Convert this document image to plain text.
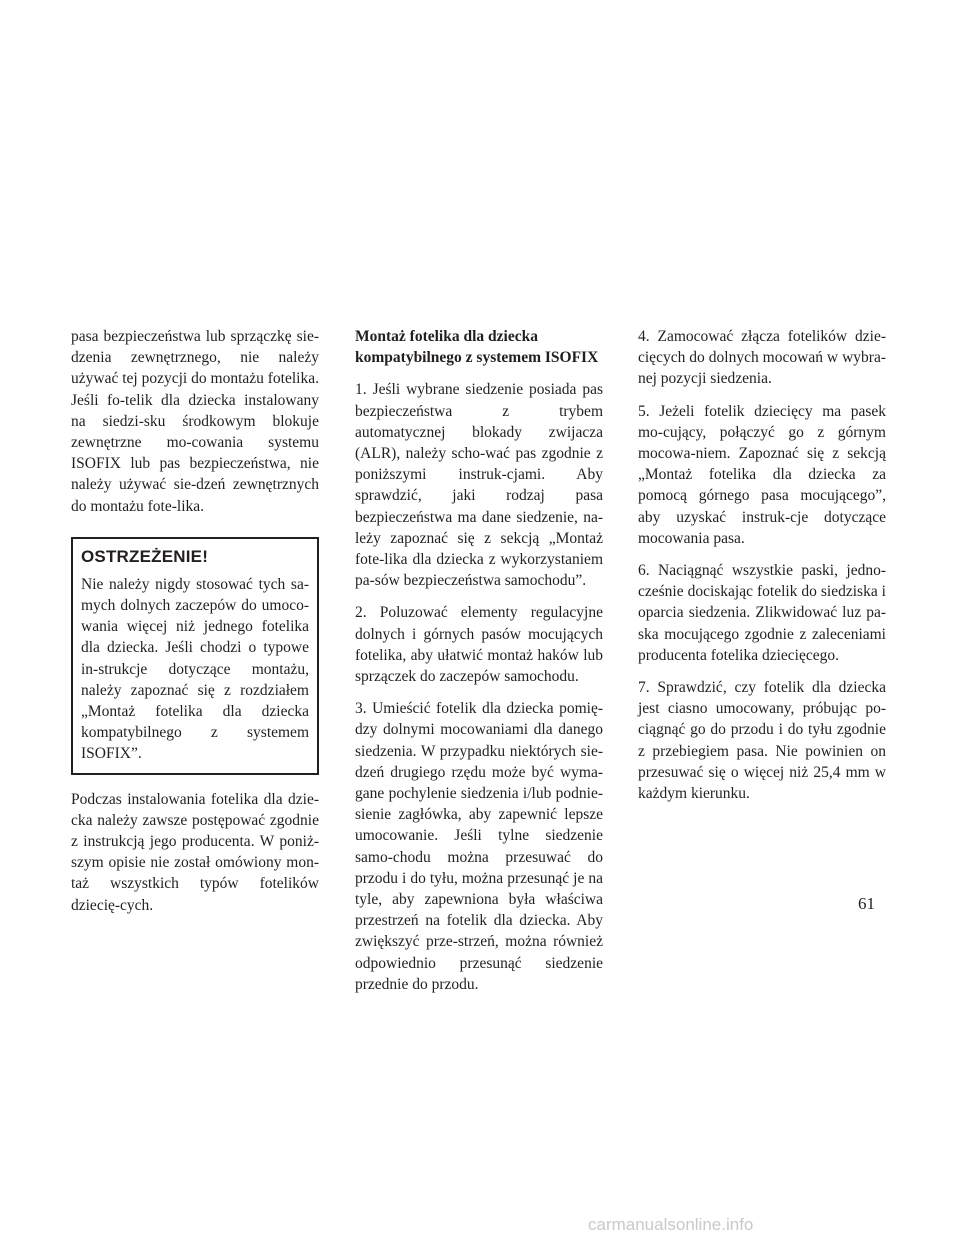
pasa bezpieczeństwa lub sprzączkę sie-dzenia zewnętrznego, nie należy używać tej pozycji do montażu fotelika. Jeśli fo-telik dla dziecka instalowany na siedzi-sku środkowym blokuje zewnętrzne mo-cowania systemu ISOFIX lub pas bezpieczeństwa, nie należy używać sie-dzeń zewnętrznych do montażu fote-lika.

OSTRZEŻENIE!

Nie należy nigdy stosować tych sa-mych dolnych zaczepów do umoco-wania więcej niż jednego fotelika dla dziecka. Jeśli chodzi o typowe in-strukcje dotyczące montażu, należy zapoznać się z rozdziałem „Montaż fotelika dla dziecka kompatybilnego z systemem ISOFIX”.

Podczas instalowania fotelika dla dzie-cka należy zawsze postępować zgodnie z instrukcją jego producenta. W poniż-szym opisie nie został omówiony mon-taż wszystkich typów fotelików dziecię-cych.

Montaż fotelika dla dziecka kompatybilnego z systemem ISOFIX

1. Jeśli wybrane siedzenie posiada pas bezpieczeństwa z trybem automatycznej blokady zwijacza (ALR), należy scho-wać pas zgodnie z poniższymi instruk-cjami. Aby sprawdzić, jaki rodzaj pasa bezpieczeństwa ma dane siedzenie, na-leży zapoznać się z sekcją „Montaż fote-lika dla dziecka z wykorzystaniem pa-sów bezpieczeństwa samochodu”.

2. Poluzować elementy regulacyjne dolnych i górnych pasów mocujących fotelika, aby ułatwić montaż haków lub sprzączek do zaczepów samochodu.

3. Umieścić fotelik dla dziecka pomię-dzy dolnymi mocowaniami dla danego siedzenia. W przypadku niektórych sie-dzeń drugiego rzędu może być wyma-gane pochylenie siedzenia i/lub podnie-sienie zagłówka, aby zapewnić lepsze umocowanie. Jeśli tylne siedzenie samo-chodu można przesuwać do przodu i do tyłu, można przesunąć je na tyle, aby zapewniona była właściwa przestrzeń na fotelik dla dziecka. Aby zwiększyć prze-strzeń, można również odpowiednio przesunąć siedzenie przednie do przodu.

4. Zamocować złącza fotelików dzie-cięcych do dolnych mocowań w wybra-nej pozycji siedzenia.

5. Jeżeli fotelik dziecięcy ma pasek mo-cujący, połączyć go z górnym mocowa-niem. Zapoznać się z sekcją „Montaż fotelika dla dziecka za pomocą górnego pasa mocującego”, aby uzyskać instruk-cje dotyczące mocowania pasa.

6. Naciągnąć wszystkie paski, jedno-cześnie dociskając fotelik do siedziska i oparcia siedzenia. Zlikwidować luz pa-ska mocującego zgodnie z zaleceniami producenta fotelika dziecięcego.

7. Sprawdzić, czy fotelik dla dziecka jest ciasno umocowany, próbując po-ciągnąć go do przodu i do tyłu zgodnie z przebiegiem pasa. Nie powinien on przesuwać się o więcej niż 25,4 mm w każdym kierunku.

61
carmanualsonline.info
